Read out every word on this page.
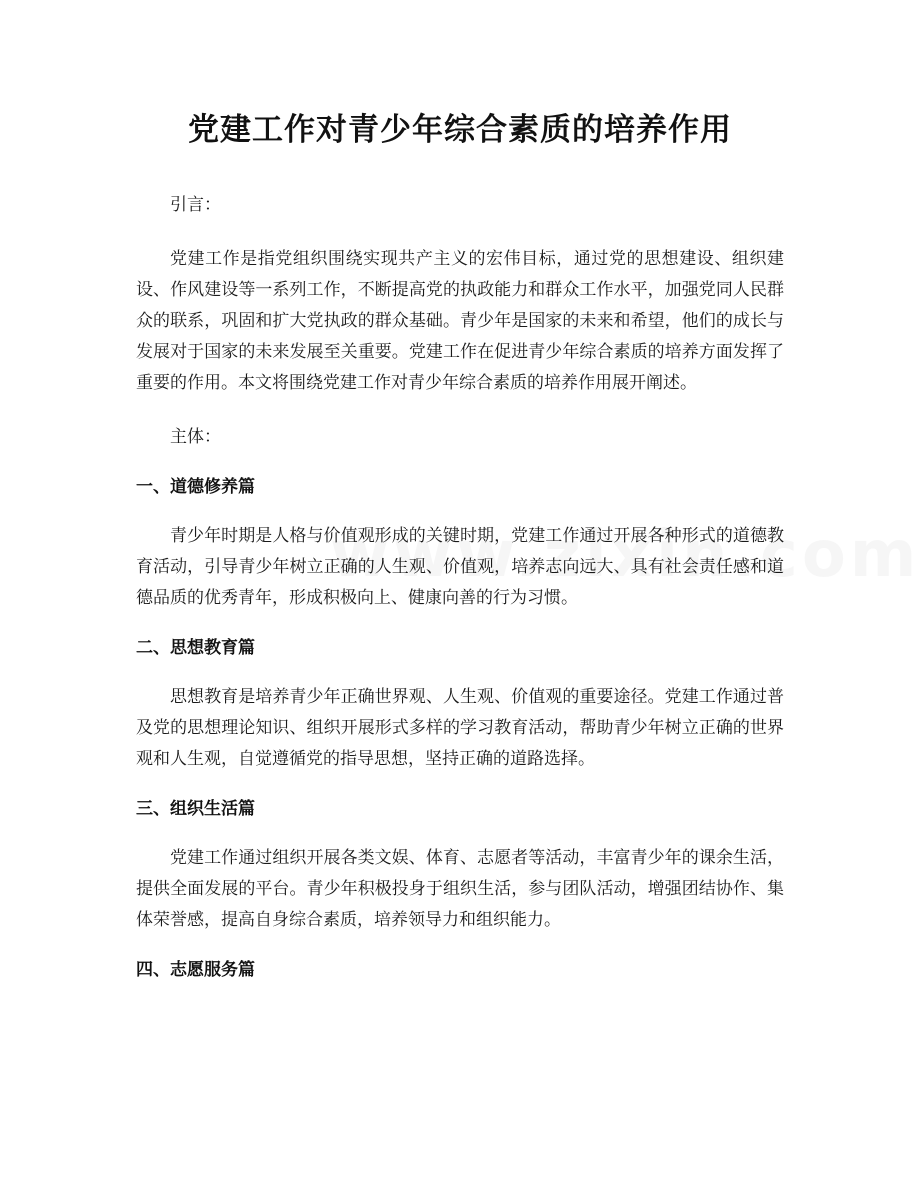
党建工作对青少年综合素质的培养作用

引言：

党建工作是指党组织围绕实现共产主义的宏伟目标，通过党的思想建设、组织建设、作风建设等一系列工作，不断提高党的执政能力和群众工作水平，加强党同人民群众的联系，巩固和扩大党执政的群众基础。青少年是国家的未来和希望，他们的成长与发展对于国家的未来发展至关重要。党建工作在促进青少年综合素质的培养方面发挥了重要的作用。本文将围绕党建工作对青少年综合素质的培养作用展开阐述。

主体：

一、道德修养篇

青少年时期是人格与价值观形成的关键时期，党建工作通过开展各种形式的道德教育活动，引导青少年树立正确的人生观、价值观，培养志向远大、具有社会责任感和道德品质的优秀青年，形成积极向上、健康向善的行为习惯。

二、思想教育篇

思想教育是培养青少年正确世界观、人生观、价值观的重要途径。党建工作通过普及党的思想理论知识、组织开展形式多样的学习教育活动，帮助青少年树立正确的世界观和人生观，自觉遵循党的指导思想，坚持正确的道路选择。

三、组织生活篇

党建工作通过组织开展各类文娱、体育、志愿者等活动，丰富青少年的课余生活，提供全面发展的平台。青少年积极投身于组织生活，参与团队活动，增强团结协作、集体荣誉感，提高自身综合素质，培养领导力和组织能力。

四、志愿服务篇
